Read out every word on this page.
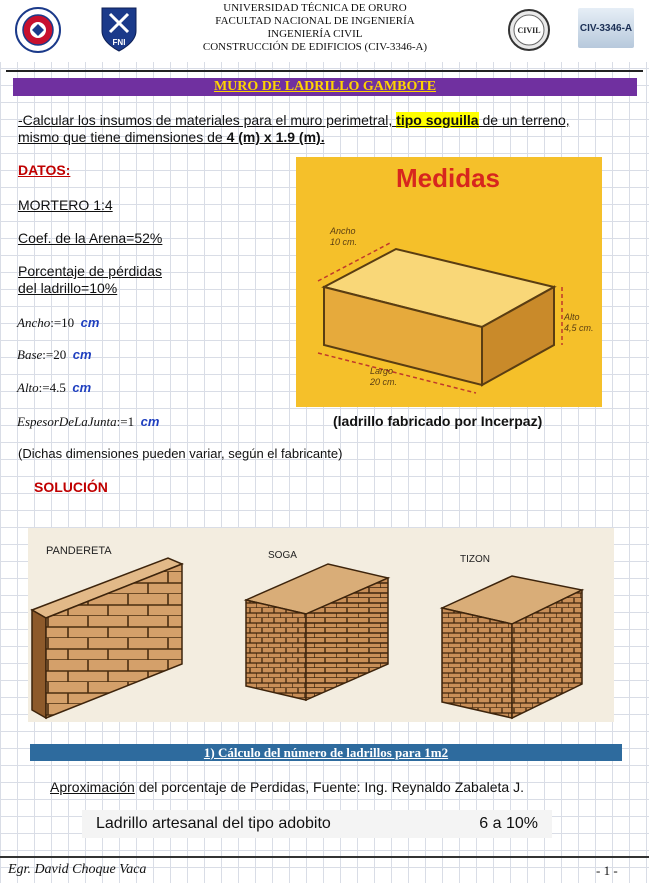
FNI
UNIVERSIDAD TÉCNICA DE ORURO
FACULTAD NACIONAL DE INGENIERÍA
INGENIERÍA CIVIL
CONSTRUCCIÓN DE EDIFICIOS (CIV-3346-A)
CIVIL	CIV-3346-A
MURO DE LADRILLO GAMBOTE
-Calcular los insumos de materiales para el muro perimetral, tipo soguilla de un terreno,
mismo que tiene dimensiones de 4 (m) x 1.9 (m).
DATOS:
MORTERO 1:4
Coef. de la Arena=52%
Porcentaje de pérdidas
del ladrillo=10%
Ancho:=10 cm
Base:=20 cm
Alto:=4.5 cm
EspesorDeLaJunta:=1 cm
Medidas
Ancho
10 cm.
Alto
4,5 cm.
Largo
20 cm.
(ladrillo fabricado por Incerpaz)
(Dichas dimensiones pueden variar, según el fabricante)
SOLUCIÓN
PANDERETA	SOGA	TIZON
1) Cálculo del número de ladrillos para 1m2
Aproximación del porcentaje de Perdidas, Fuente: Ing. Reynaldo Zabaleta J.
Ladrillo artesanal del tipo adobito	6 a 10%
Egr. David Choque Vaca	- 1 -
